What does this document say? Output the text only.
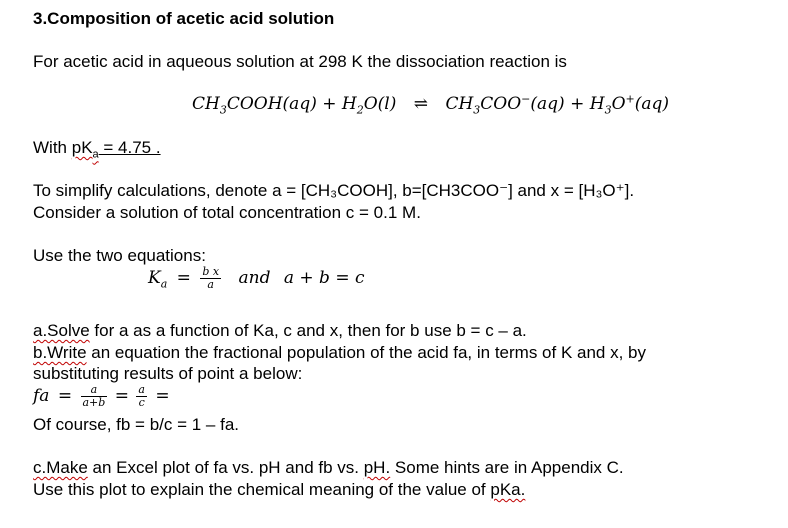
3.Composition of acetic acid solution
For acetic acid in aqueous solution at 298 K the dissociation reaction is
$CH_3COOH(aq) + H_2O(l)$ ⇌ $CH_3COO^-(aq) + H_3O^+(aq)$
With $pK_a = 4.75$ .
To simplify calculations, denote a = [CH₃COOH], b=[CH3COO⁻] and x = [H₃O⁺].
Consider a solution of total concentration c = 0.1 M.
Use the two equations:
$K_a = \frac{\text{b x}}{a}$ and a + b = c
a.Solve for a as a function of Ka, c and x, then for b use b = c – a.
b.Write an equation the fractional population of the acid fa, in terms of K and x, by
substituting results of point a below:
fa = $\frac{a}{a+b} = \frac{a}{c}$ =
Of course, fb = b/c = 1 – fa.
c.Make an Excel plot of fa vs. pH and fb vs. pH. Some hints are in Appendix C.
Use this plot to explain the chemical meaning of the value of pKa.
